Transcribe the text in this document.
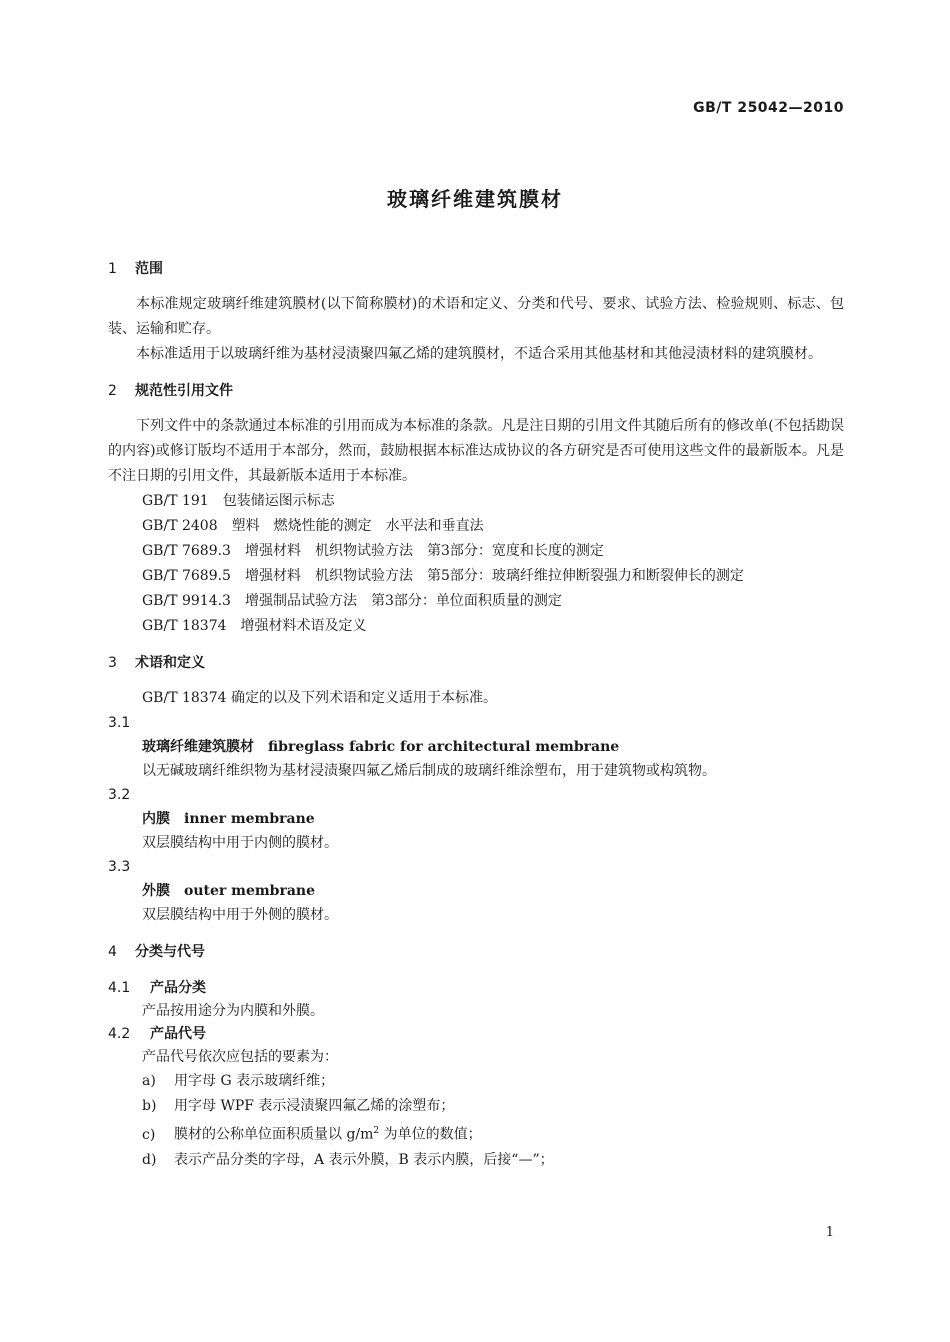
GB/T 25042—2010
玻璃纤维建筑膜材
1 范围
本标准规定玻璃纤维建筑膜材(以下简称膜材)的术语和定义、分类和代号、要求、试验方法、检验规则、标志、包装、运输和贮存。
本标准适用于以玻璃纤维为基材浸渍聚四氟乙烯的建筑膜材，不适合采用其他基材和其他浸渍材料的建筑膜材。
2 规范性引用文件
下列文件中的条款通过本标准的引用而成为本标准的条款。凡是注日期的引用文件其随后所有的修改单(不包括勘误的内容)或修订版均不适用于本部分，然而，鼓励根据本标准达成协议的各方研究是否可使用这些文件的最新版本。凡是不注日期的引用文件，其最新版本适用于本标准。
GB/T 191 包装储运图示标志
GB/T 2408 塑料　燃烧性能的测定　水平法和垂直法
GB/T 7689.3 增强材料　机织物试验方法　第3部分：宽度和长度的测定
GB/T 7689.5 增强材料　机织物试验方法　第5部分：玻璃纤维拉伸断裂强力和断裂伸长的测定
GB/T 9914.3 增强制品试验方法　第3部分：单位面积质量的测定
GB/T 18374 增强材料术语及定义
3 术语和定义
GB/T 18374 确定的以及下列术语和定义适用于本标准。
3.1
玻璃纤维建筑膜材 fibreglass fabric for architectural membrane
以无碱玻璃纤维织物为基材浸渍聚四氟乙烯后制成的玻璃纤维涂塑布，用于建筑物或构筑物。
3.2
内膜 inner membrane
双层膜结构中用于内侧的膜材。
3.3
外膜 outer membrane
双层膜结构中用于外侧的膜材。
4 分类与代号
4.1 产品分类
产品按用途分为内膜和外膜。
4.2 产品代号
产品代号依次应包括的要素为：
a) 用字母 G 表示玻璃纤维；
b) 用字母 WPF 表示浸渍聚四氟乙烯的涂塑布；
c) 膜材的公称单位面积质量以 $g/m^2$ 为单位的数值；
d) 表示产品分类的字母，A 表示外膜，B 表示内膜，后接“—”；
1
